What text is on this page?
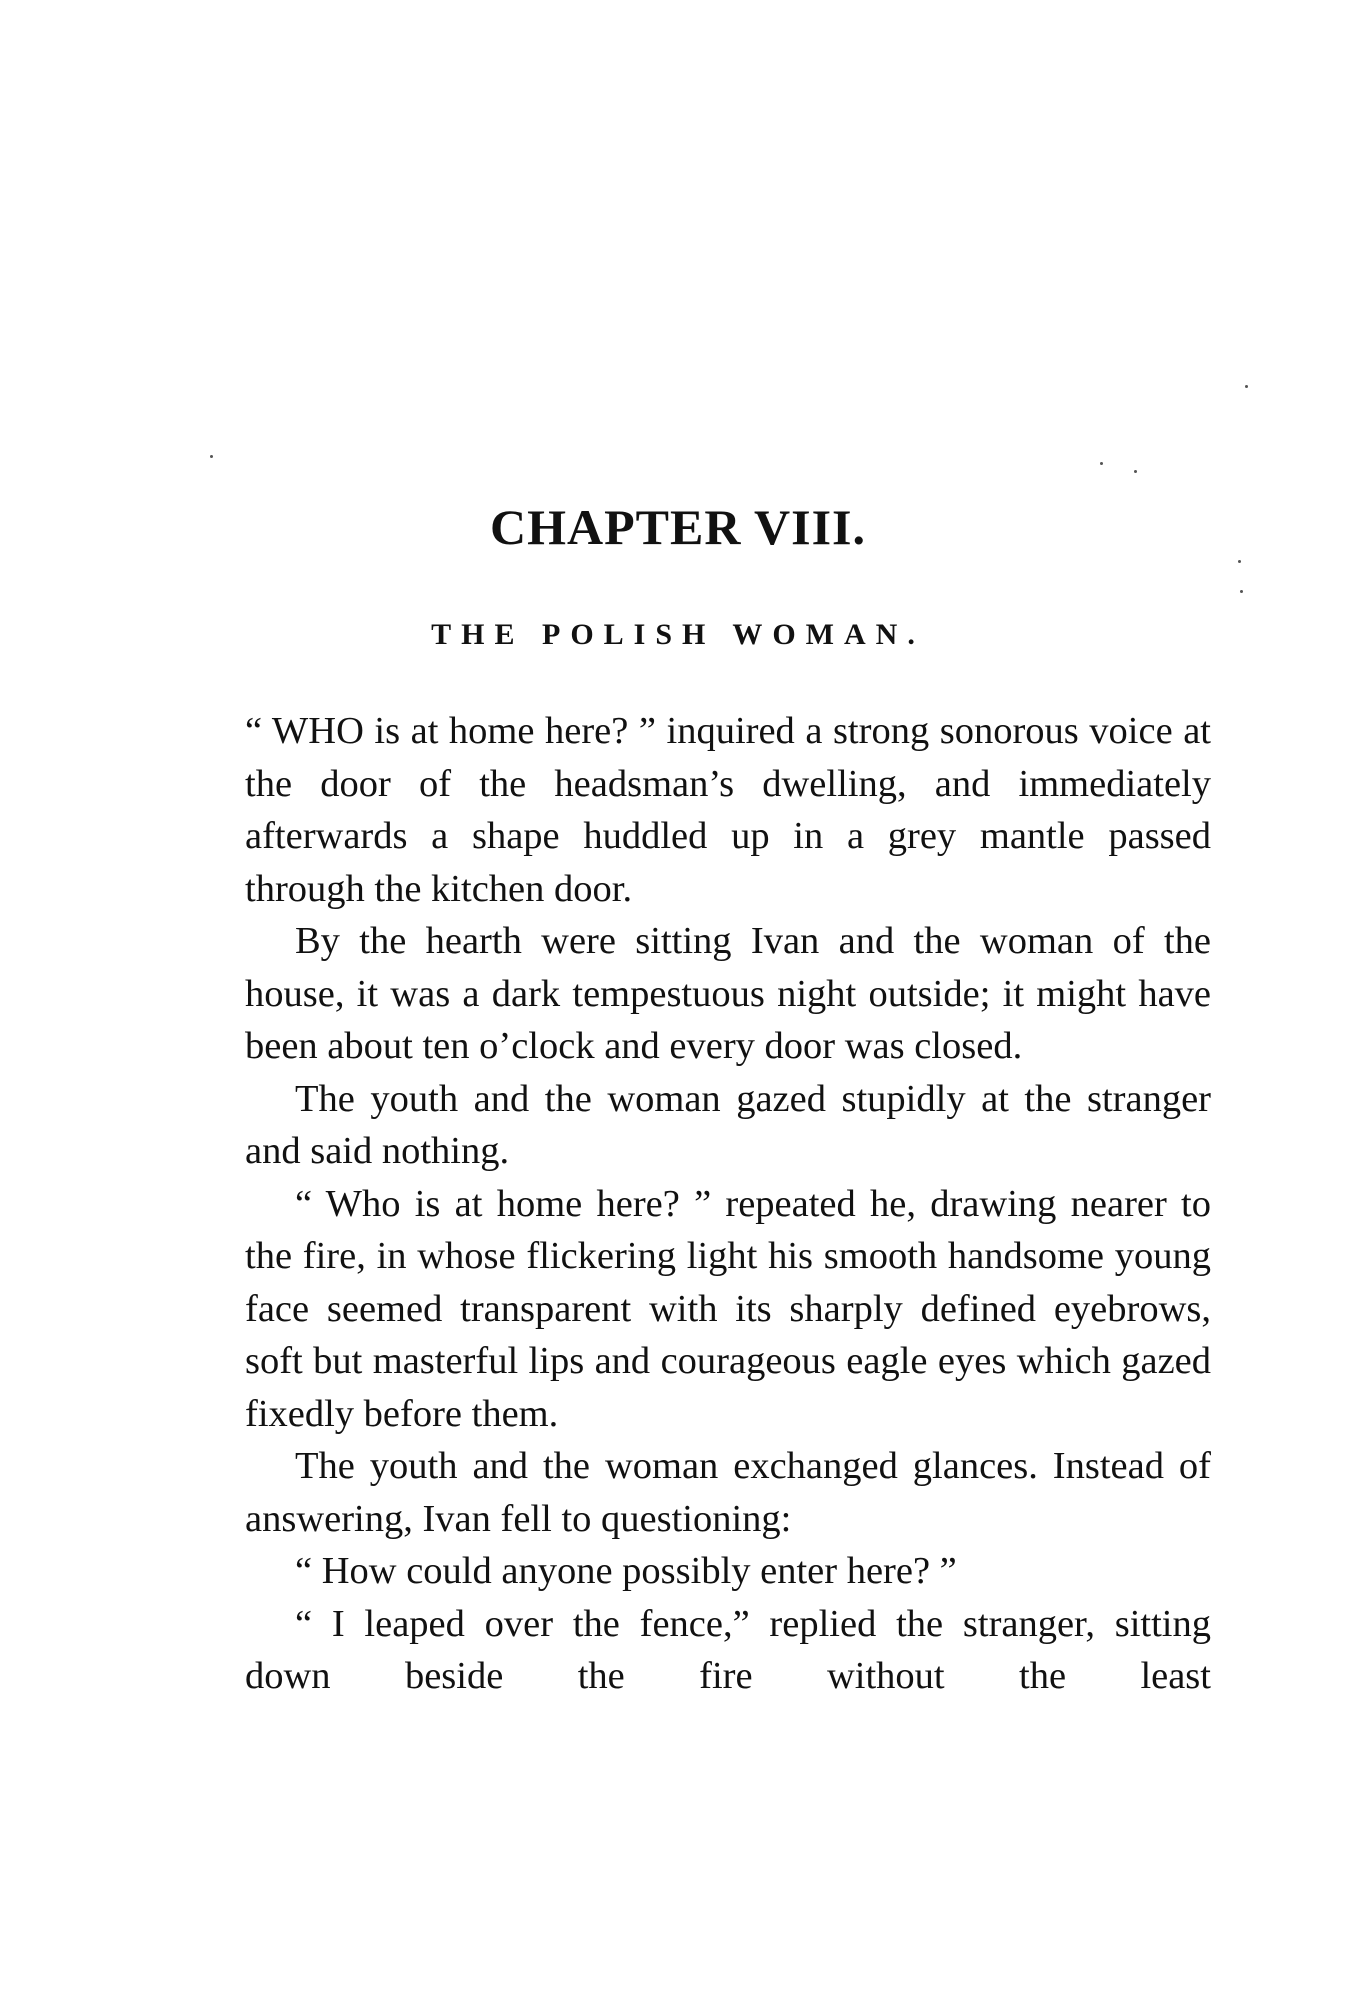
CHAPTER VIII.
THE POLISH WOMAN.

“ WHO is at home here? ” inquired a strong sonorous voice at the door of the headsman’s dwelling, and immediately afterwards a shape huddled up in a grey mantle passed through the kitchen door.

By the hearth were sitting Ivan and the woman of the house, it was a dark tempestuous night outside; it might have been about ten o’clock and every door was closed.

The youth and the woman gazed stupidly at the stranger and said nothing.

“ Who is at home here? ” repeated he, drawing nearer to the fire, in whose flickering light his smooth handsome young face seemed transparent with its sharply defined eyebrows, soft but masterful lips and courageous eagle eyes which gazed fixedly before them.

The youth and the woman exchanged glances. Instead of answering, Ivan fell to questioning:

“ How could anyone possibly enter here? ”

“ I leaped over the fence,” replied the stranger, sitting down beside the fire without the least
